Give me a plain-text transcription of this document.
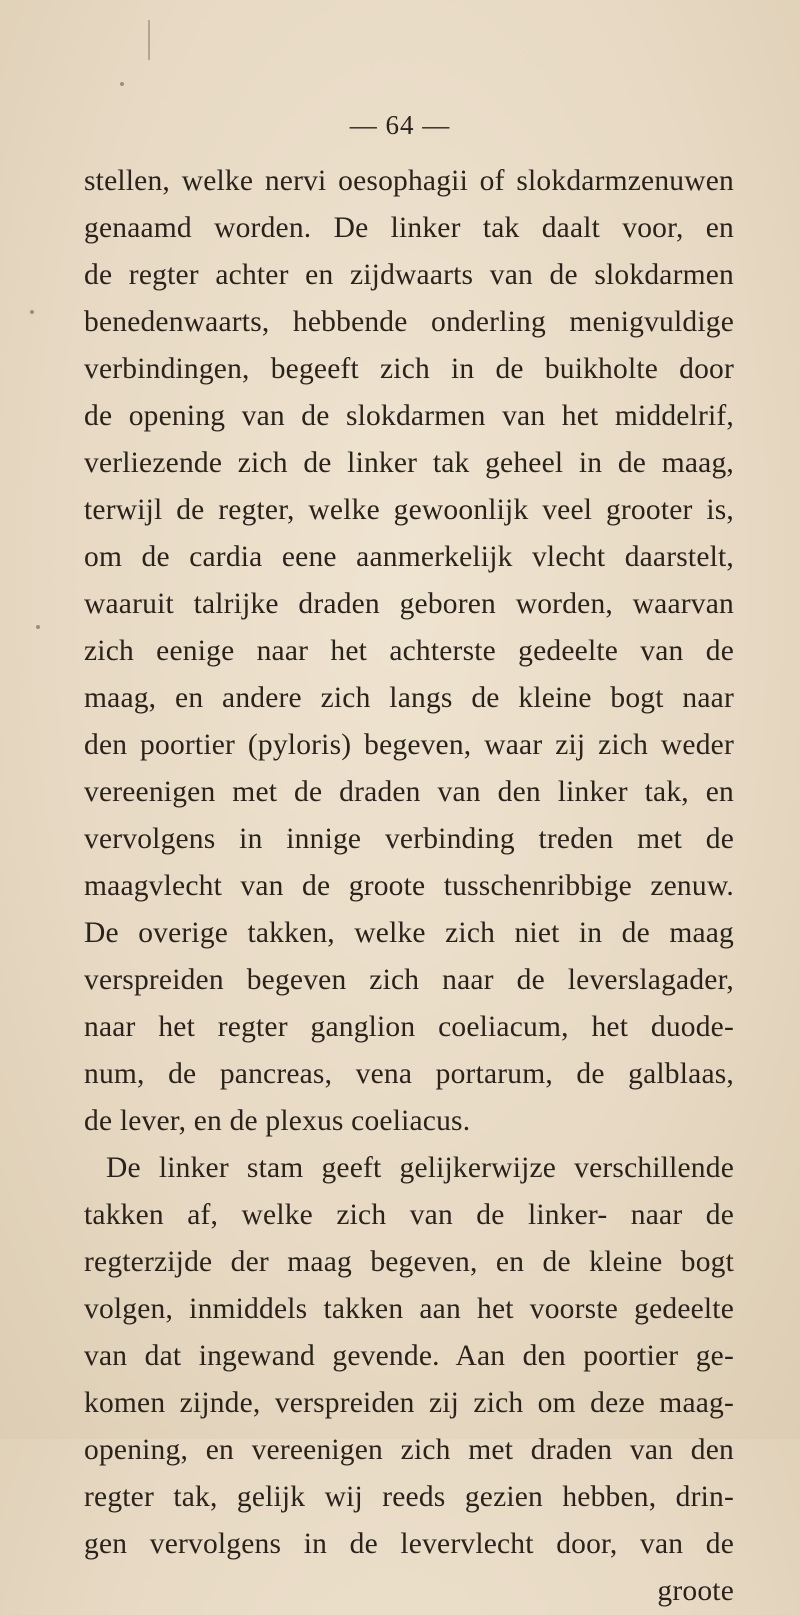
— 64 —
stellen, welke nervi oesophagii of slokdarmzenuwen
genaamd worden. De linker tak daalt voor, en
de regter achter en zijdwaarts van de slokdarmen
benedenwaarts, hebbende onderling menigvuldige
verbindingen, begeeft zich in de buikholte door
de opening van de slokdarmen van het middelrif,
verliezende zich de linker tak geheel in de maag,
terwijl de regter, welke gewoonlijk veel grooter is,
om de cardia eene aanmerkelijk vlecht daarstelt,
waaruit talrijke draden geboren worden, waarvan
zich eenige naar het achterste gedeelte van de
maag, en andere zich langs de kleine bogt naar
den poortier (pyloris) begeven, waar zij zich weder
vereenigen met de draden van den linker tak, en
vervolgens in innige verbinding treden met de
maagvlecht van de groote tusschenribbige zenuw.
De overige takken, welke zich niet in de maag
verspreiden begeven zich naar de leverslagader,
naar het regter ganglion coeliacum, het duode-
num, de pancreas, vena portarum, de galblaas,
de lever, en de plexus coeliacus.
De linker stam geeft gelijkerwijze verschillende
takken af, welke zich van de linker- naar de
regterzijde der maag begeven, en de kleine bogt
volgen, inmiddels takken aan het voorste gedeelte
van dat ingewand gevende. Aan den poortier ge-
komen zijnde, verspreiden zij zich om deze maag-
opening, en vereenigen zich met draden van den
regter tak, gelijk wij reeds gezien hebben, drin-
gen vervolgens in de levervlecht door, van de
groote
